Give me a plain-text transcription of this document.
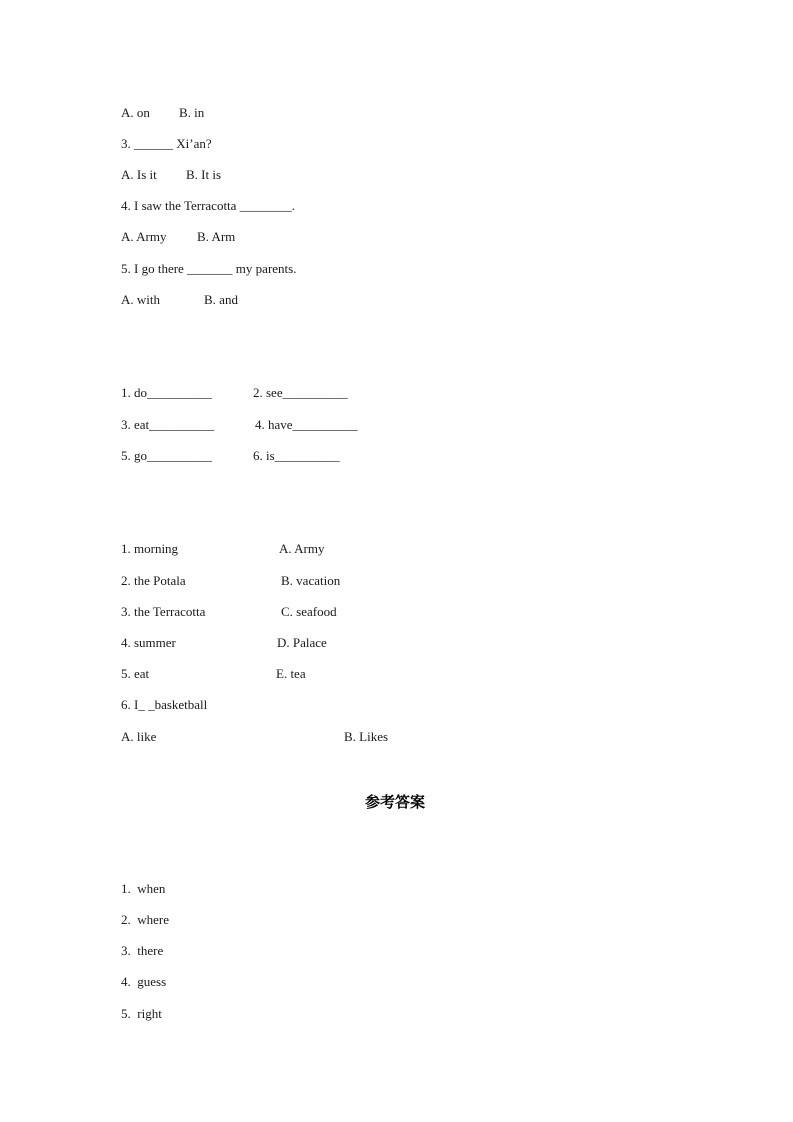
A. on B. in
3. ______ Xi’an?
A. Is it B. It is
4. I saw the Terracotta ________.
A. Army B. Arm
5. I go there _______ my parents.
A. with	B. and
1. do__________	2. see__________
3. eat__________	4. have__________
5. go__________	6. is__________
1. morning	A. Army
2. the Potala	B. vacation
3. the Terracotta	C. seafood
4. summer	D. Palace
5. eat	E. tea
6. I_ _basketball
A. like	B. Likes
参考答案
1.  when
2.  where
3.  there
4.  guess
5.  right
